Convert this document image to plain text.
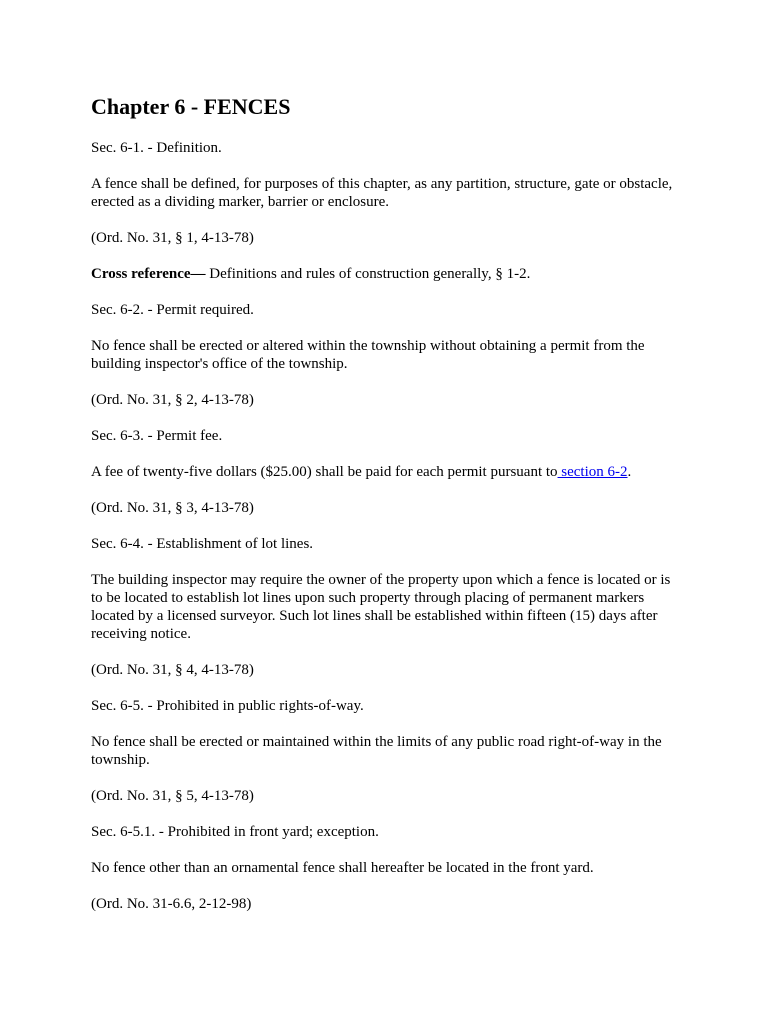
Chapter 6 - FENCES

Sec. 6-1. - Definition.

A fence shall be defined, for purposes of this chapter, as any partition, structure, gate or obstacle, erected as a dividing marker, barrier or enclosure.

(Ord. No. 31, § 1, 4-13-78)

Cross reference— Definitions and rules of construction generally, § 1-2.

Sec. 6-2. - Permit required.

No fence shall be erected or altered within the township without obtaining a permit from the building inspector's office of the township.

(Ord. No. 31, § 2, 4-13-78)

Sec. 6-3. - Permit fee.

A fee of twenty-five dollars ($25.00) shall be paid for each permit pursuant to section 6-2.

(Ord. No. 31, § 3, 4-13-78)

Sec. 6-4. - Establishment of lot lines.

The building inspector may require the owner of the property upon which a fence is located or is to be located to establish lot lines upon such property through placing of permanent markers located by a licensed surveyor. Such lot lines shall be established within fifteen (15) days after receiving notice.

(Ord. No. 31, § 4, 4-13-78)

Sec. 6-5. - Prohibited in public rights-of-way.

No fence shall be erected or maintained within the limits of any public road right-of-way in the township.

(Ord. No. 31, § 5, 4-13-78)

Sec. 6-5.1. - Prohibited in front yard; exception.

No fence other than an ornamental fence shall hereafter be located in the front yard.

(Ord. No. 31-6.6, 2-12-98)
